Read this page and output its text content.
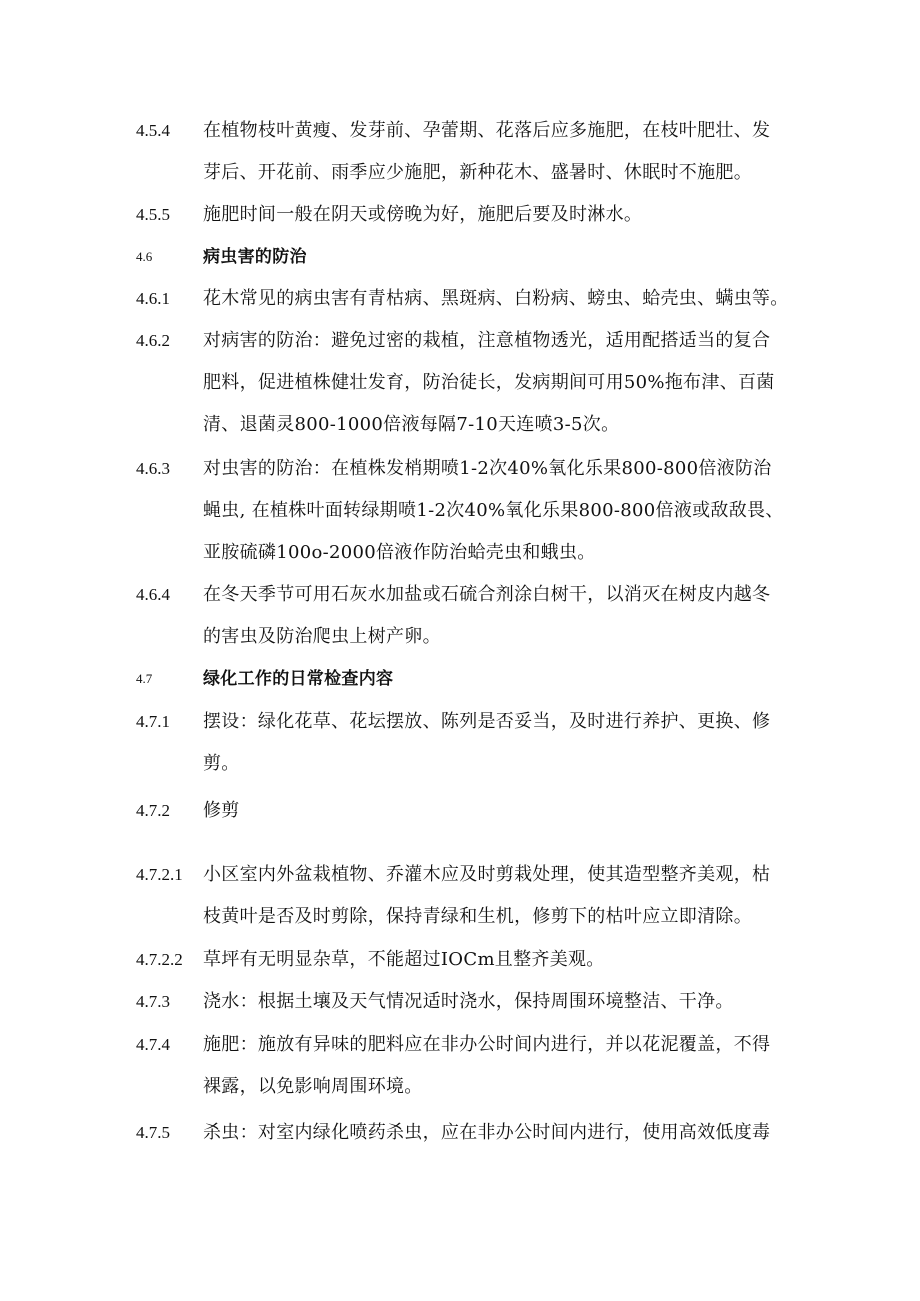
4.5.4 在植物枝叶黄瘦、发芽前、孕蕾期、花落后应多施肥，在枝叶肥壮、发
芽后、开花前、雨季应少施肥，新种花木、盛暑时、休眠时不施肥。
4.5.5 施肥时间一般在阴天或傍晚为好，施肥后要及时淋水。
4.6	病虫害的防治
4.6.1 花木常见的病虫害有青枯病、黑斑病、白粉病、螃虫、蛤壳虫、螨虫等。
4.6.2 对病害的防治：避免过密的栽植，注意植物透光，适用配搭适当的复合
肥料，促进植株健壮发育，防治徒长，发病期间可用50%拖布津、百菌
清、退菌灵800-1000倍液每隔7-10天连喷3-5次。
4.6.3 对虫害的防治：在植株发梢期喷1-2次40%氧化乐果800-800倍液防治
蝇虫, 在植株叶面转绿期喷1-2次40%氧化乐果800-800倍液或敌敌畏、
亚胺硫磷100o-2000倍液作防治蛤壳虫和蛾虫。
4.6.4 在冬天季节可用石灰水加盐或石硫合剂涂白树干，以消灭在树皮内越冬
的害虫及防治爬虫上树产卵。
4.7	绿化工作的日常检查内容
4.7.1 摆设：绿化花草、花坛摆放、陈列是否妥当，及时进行养护、更换、修
剪。
4.7.2 修剪
4.7.2.1 小区室内外盆栽植物、乔灌木应及时剪栽处理，使其造型整齐美观，枯
枝黄叶是否及时剪除，保持青绿和生机，修剪下的枯叶应立即清除。
4.7.2.2 草坪有无明显杂草，不能超过IOCm且整齐美观。
4.7.3 浇水：根据土壤及天气情况适时浇水，保持周围环境整洁、干净。
4.7.4 施肥：施放有异味的肥料应在非办公时间内进行，并以花泥覆盖，不得
裸露，以免影响周围环境。
4.7.5 杀虫：对室内绿化喷药杀虫，应在非办公时间内进行，使用高效低度毒
